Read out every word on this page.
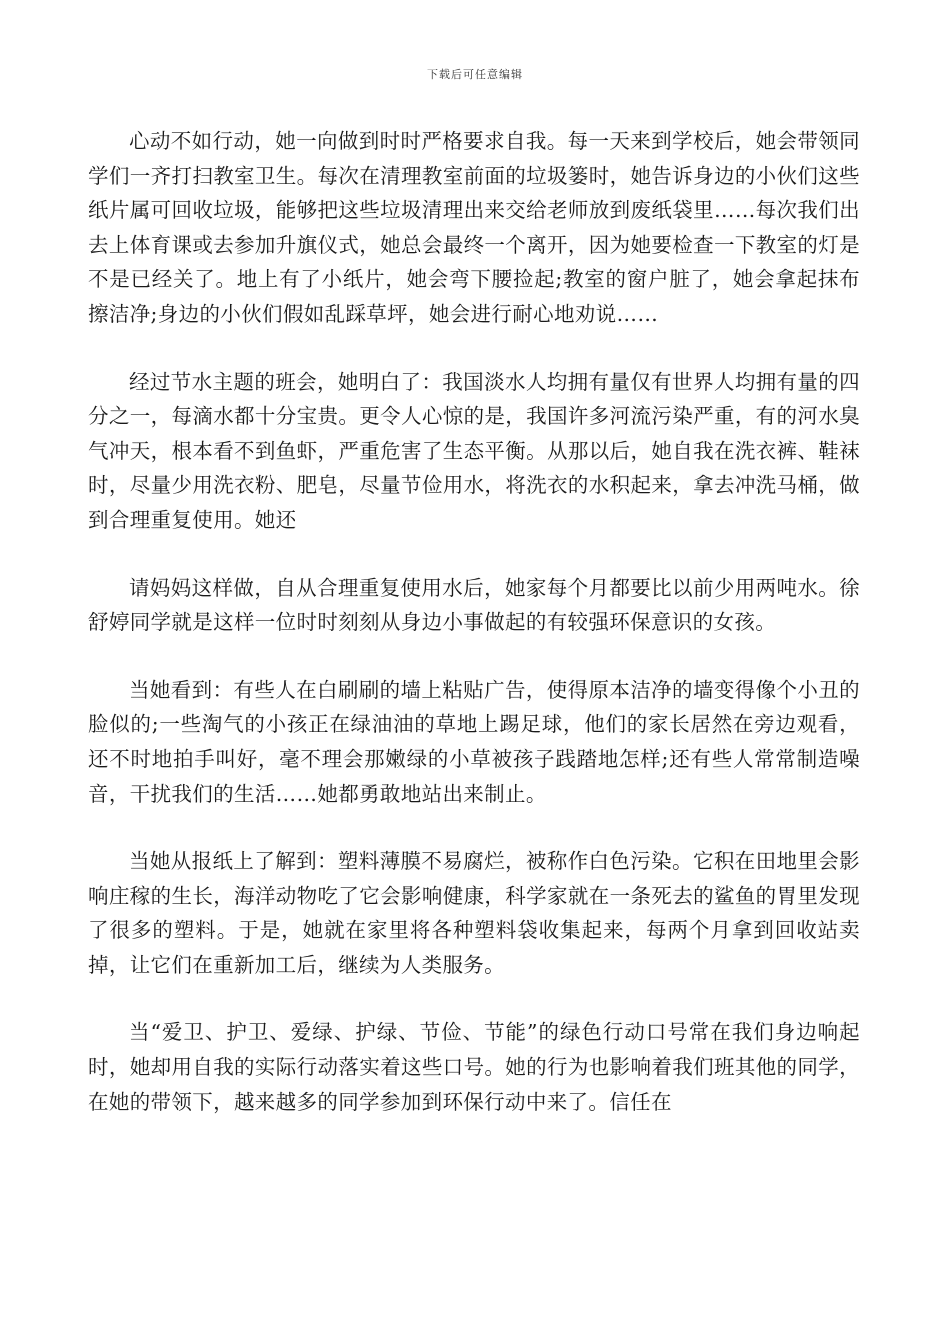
下载后可任意编辑

心动不如行动，她一向做到时时严格要求自我。每一天来到学校后，她会带领同学们一齐打扫教室卫生。每次在清理教室前面的垃圾篓时，她告诉身边的小伙们这些纸片属可回收垃圾，能够把这些垃圾清理出来交给老师放到废纸袋里……每次我们出去上体育课或去参加升旗仪式，她总会最终一个离开，因为她要检查一下教室的灯是不是已经关了。地上有了小纸片，她会弯下腰捡起;教室的窗户脏了，她会拿起抹布擦洁净;身边的小伙们假如乱踩草坪，她会进行耐心地劝说……

经过节水主题的班会，她明白了：我国淡水人均拥有量仅有世界人均拥有量的四分之一，每滴水都十分宝贵。更令人心惊的是，我国许多河流污染严重，有的河水臭气冲天，根本看不到鱼虾，严重危害了生态平衡。从那以后，她自我在洗衣裤、鞋袜时，尽量少用洗衣粉、肥皂，尽量节俭用水，将洗衣的水积起来，拿去冲洗马桶，做到合理重复使用。她还

请妈妈这样做，自从合理重复使用水后，她家每个月都要比以前少用两吨水。徐舒婷同学就是这样一位时时刻刻从身边小事做起的有较强环保意识的女孩。

当她看到：有些人在白刷刷的墙上粘贴广告，使得原本洁净的墙变得像个小丑的脸似的;一些淘气的小孩正在绿油油的草地上踢足球，他们的家长居然在旁边观看，还不时地拍手叫好，毫不理会那嫩绿的小草被孩子践踏地怎样;还有些人常常制造噪音，干扰我们的生活……她都勇敢地站出来制止。

当她从报纸上了解到：塑料薄膜不易腐烂，被称作白色污染。它积在田地里会影响庄稼的生长，海洋动物吃了它会影响健康，科学家就在一条死去的鲨鱼的胃里发现了很多的塑料。于是，她就在家里将各种塑料袋收集起来，每两个月拿到回收站卖掉，让它们在重新加工后，继续为人类服务。

当“爱卫、护卫、爱绿、护绿、节俭、节能”的绿色行动口号常在我们身边响起时，她却用自我的实际行动落实着这些口号。她的行为也影响着我们班其他的同学，在她的带领下，越来越多的同学参加到环保行动中来了。信任在
